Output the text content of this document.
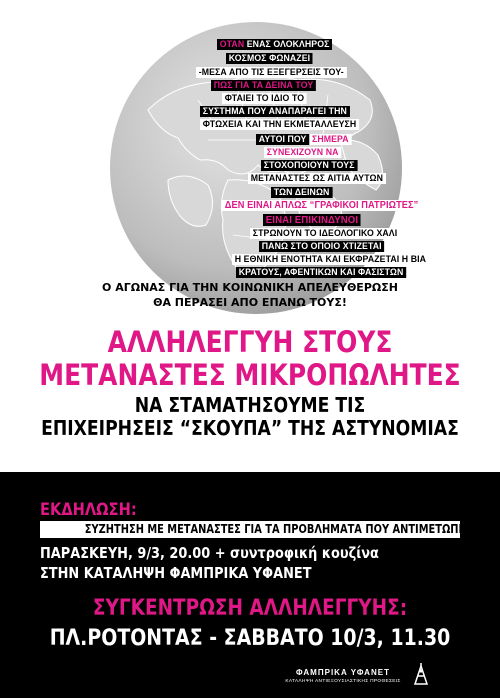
ΟΤΑΝ ΕΝΑΣ ΟΛΟΚΛΗΡΟΣ
ΚΟΣΜΟΣ ΦΩΝΑΖΕΙ
-ΜΕΣΑ ΑΠΟ ΤΙΣ ΕΞΕΓΕΡΣΕΙΣ ΤΟΥ-
ΠΩΣ ΓΙΑ ΤΑ ΔΕΙΝΑ ΤΟΥ
ΦΤΑΙΕΙ ΤΟ ΙΔΙΟ ΤΟ
ΣΥΣΤΗΜΑ ΠΟΥ ΑΝΑΠΑΡΑΓΕΙ ΤΗΝ
ΦΤΩΧΕΙΑ ΚΑΙ ΤΗΝ ΕΚΜΕΤΑΛΛΕΥΣΗ
ΑΥΤΟΙ ΠΟΥ ΣΗΜΕΡΑ
ΣΥΝΕΧΙΖΟΥΝ ΝΑ
ΣΤΟΧΟΠΟΙΟΥΝ ΤΟΥΣ
ΜΕΤΑΝΑΣΤΕΣ ΩΣ ΑΙΤΙΑ ΑΥΤΩΝ
ΤΩΝ ΔΕΙΝΩΝ
ΔΕΝ ΕΙΝΑΙ ΑΠΛΩΣ “ΓΡΑΦΙΚΟΙ ΠΑΤΡΙΩΤΕΣ”
ΕΙΝΑΙ ΕΠΙΚΙΝΔΥΝΟΙ
ΣΤΡΩΝΟΥΝ ΤΟ ΙΔΕΟΛΟΓΙΚΟ ΧΑΛΙ
ΠΑΝΩ ΣΤΟ ΟΠΟΙΟ ΧΤΙΖΕΤΑΙ
Η ΕΘΝΙΚΗ ΕΝΟΤΗΤΑ ΚΑΙ ΕΚΦΡΑΖΕΤΑΙ Η ΒΙΑ
ΚΡΑΤΟΥΣ, ΑΦΕΝΤΙΚΩΝ ΚΑΙ ΦΑΣΙΣΤΩΝ
Ο ΑΓΩΝΑΣ ΓΙΑ ΤΗΝ ΚΟΙΝΩΝΙΚΗ ΑΠΕΛΕΥΘΕΡΩΣΗ
ΘΑ ΠΕΡΑΣΕΙ ΑΠΟ ΕΠΑΝΩ ΤΟΥΣ!
ΑΛΛΗΛΕΓΓΥΗ ΣΤΟΥΣ
ΜΕΤΑΝΑΣΤΕΣ ΜΙΚΡΟΠΩΛΗΤΕΣ
ΝΑ ΣΤΑΜΑΤΗΣΟΥΜΕ ΤΙΣ
ΕΠΙΧΕΙΡΗΣΕΙΣ “ΣΚΟΥΠΑ” ΤΗΣ ΑΣΤΥΝΟΜΙΑΣ
ΕΚΔΗΛΩΣΗ:
ΣΥΖΗΤΗΣΗ ΜΕ ΜΕΤΑΝΑΣΤΕΣ ΓΙΑ ΤΑ ΠΡΟΒΛΗΜΑΤΑ ΠΟΥ ΑΝΤΙΜΕΤΩΠΙΖΟΥΝ
ΠΑΡΑΣΚΕΥΗ, 9/3, 20.00 + συντροφική κουζίνα
ΣΤΗΝ ΚΑΤΑΛΗΨΗ ΦΑΜΠΡΙΚΑ ΥΦΑΝΕΤ
ΣΥΓΚΕΝΤΡΩΣΗ ΑΛΛΗΛΕΓΓΥΗΣ:
ΠΛ.ΡΟΤΟΝΤΑΣ - ΣΑΒΒΑΤΟ 10/3, 11.30
ΦΑΜΠΡΙΚΑ ΥΦΑΝΕΤ
ΚΑΤΑΛΗΨΗ ΑΝΤΙΕΞΟΥΣΙΑΣΤΙΚΗΣ ΠΡΟΘΕΣΕΙΣ
